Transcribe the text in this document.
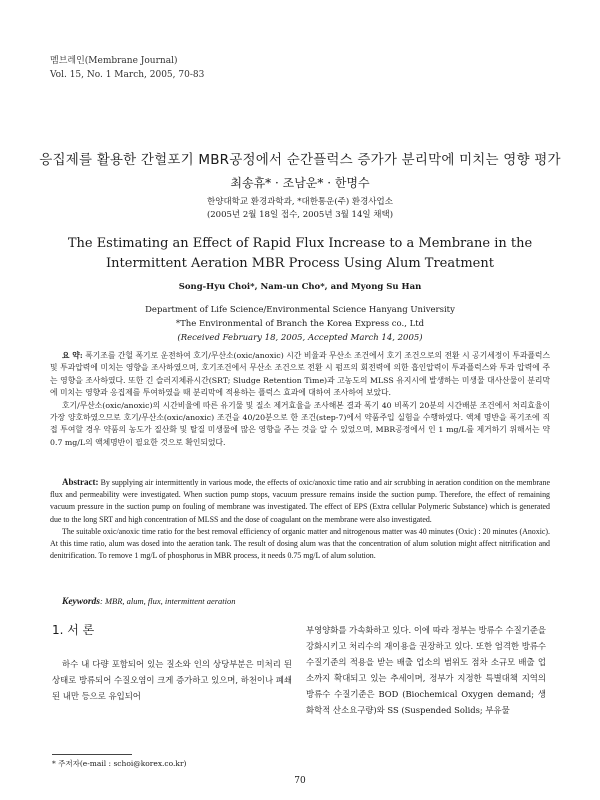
멤브레인(Membrane Journal)
Vol. 15, No. 1 March, 2005, 70-83
응집제를 활용한 간헐포기 MBR공정에서 순간플럭스 증가가 분리막에 미치는 영향 평가
최송휴* · 조남운* · 한명수
한양대학교 환경과학과, *대한통운(주) 환경사업소
(2005년 2월 18일 접수, 2005년 3월 14일 채택)
The Estimating an Effect of Rapid Flux Increase to a Membrane in the Intermittent Aeration MBR Process Using Alum Treatment
Song-Hyu Choi*, Nam-un Cho*, and Myong Su Han
Department of Life Science/Environmental Science Hanyang University
*The Environmental of Branch the Korea Express co., Ltd
(Received February 18, 2005, Accepted March 14, 2005)

요 약: 폭기조를 간헐 폭기로 운전하여 호기/무산소(oxic/anoxic) 시간 비율과 무산소 조건에서 호기 조건으로의 전환 시 공기세정이 투과플럭스 및 투과압력에 미치는 영향을 조사하였으며, 호기조건에서 무산소 조건으로 전환 시 펌프의 회전력에 의한 흡인압력이 투과플럭스와 투과 압력에 주는 영향을 조사하였다. 또한 긴 슬러지체류시간(SRT; Sludge Retention Time)과 고농도의 MLSS 유지시에 발생하는 미생물 대사산물이 분리막에 미치는 영향과 응집제를 투여하였을 때 분리막에 적용하는 플럭스 효과에 대하여 조사하여 보았다.

호기/무산소(oxic/anoxic)의 시간비율에 따른 유기물 및 질소 제거효율을 조사해본 결과 폭기 40 비폭기 20분의 시간배분 조건에서 처리효율이 가장 양호하였으므로 호기/무산소(oxic/anoxic) 조건을 40/20분으로 한 조건(step-7)에서 약품주입 실험을 수행하였다. 액체 명반을 폭기조에 직접 투여할 경우 약품의 농도가 질산화 및 탈질 미생물에 많은 영향을 주는 것을 알 수 있었으며, MBR공정에서 인 1 mg/L를 제거하기 위해서는 약 0.7 mg/L의 액체명반이 필요한 것으로 확인되었다.

Abstract: By supplying air intermittently in various mode, the effects of oxic/anoxic time ratio and air scrubbing in aeration condition on the membrane flux and permeability were investigated. When suction pump stops, vacuum pressure remains inside the suction pump. Therefore, the effect of remaining vacuum pressure in the suction pump on fouling of membrane was investigated. The effect of EPS (Extra cellular Polymeric Substance) which is generated due to the long SRT and high concentration of MLSS and the dose of coagulant on the membrane were also investigated.

The suitable oxic/anoxic time ratio for the best removal efficiency of organic matter and nitrogenous matter was 40 minutes (Oxic) : 20 minutes (Anoxic). At this time ratio, alum was dosed into the aeration tank. The result of dosing alum was that the concentration of alum solution might affect nitrification and denitrification. To remove 1 mg/L of phosphorus in MBR process, it needs 0.75 mg/L of alum solution.

Keywords: MBR, alum, flux, intermittent aeration
1. 서 론

하수 내 다량 포함되어 있는 질소와 인의 상당부분은 미처리 된 상태로 방류되어 수질오염이 크게 증가하고 있으며, 하천이나 폐쇄된 내만 등으로 유입되어

부영양화를 가속화하고 있다. 이에 따라 정부는 방류수 수질기준을 강화시키고 처리수의 재이용을 권장하고 있다. 또한 엄격한 방류수 수질기준의 적용을 받는 배출 업소의 범위도 점차 소규모 배출 업소까지 확대되고 있는 추세이며, 정부가 지정한 특별대책 지역의 방류수 수질기준은 BOD (Biochemical Oxygen demand; 생화학적 산소요구량)와 SS (Suspended Solids; 부유물

* 주저자(e-mail : schoi@korex.co.kr)
70
